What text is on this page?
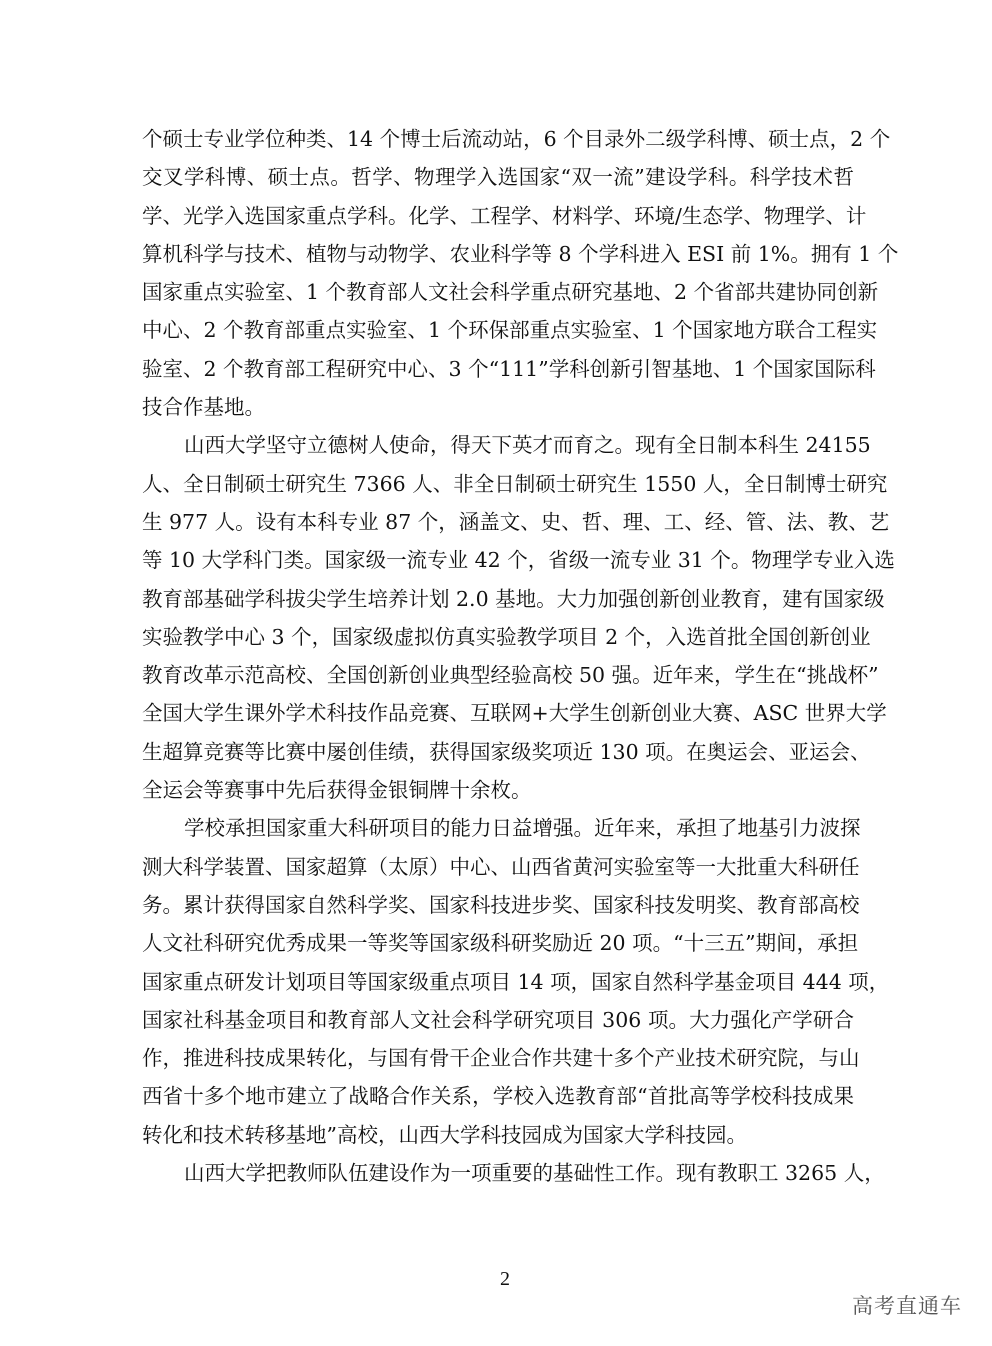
个硕士专业学位种类、14 个博士后流动站，6 个目录外二级学科博、硕士点，2 个
交叉学科博、硕士点。哲学、物理学入选国家“双一流”建设学科。科学技术哲
学、光学入选国家重点学科。化学、工程学、材料学、环境/生态学、物理学、计
算机科学与技术、植物与动物学、农业科学等 8 个学科进入 ESI 前 1%。拥有 1 个
国家重点实验室、1 个教育部人文社会科学重点研究基地、2 个省部共建协同创新
中心、2 个教育部重点实验室、1 个环保部重点实验室、1 个国家地方联合工程实
验室、2 个教育部工程研究中心、3 个“111”学科创新引智基地、1 个国家国际科
技合作基地。
山西大学坚守立德树人使命，得天下英才而育之。现有全日制本科生 24155
人、全日制硕士研究生 7366 人、非全日制硕士研究生 1550 人，全日制博士研究
生 977 人。设有本科专业 87 个，涵盖文、史、哲、理、工、经、管、法、教、艺
等 10 大学科门类。国家级一流专业 42 个，省级一流专业 31 个。物理学专业入选
教育部基础学科拔尖学生培养计划 2.0 基地。大力加强创新创业教育，建有国家级
实验教学中心 3 个，国家级虚拟仿真实验教学项目 2 个，入选首批全国创新创业
教育改革示范高校、全国创新创业典型经验高校 50 强。近年来，学生在“挑战杯”
全国大学生课外学术科技作品竞赛、互联网+大学生创新创业大赛、ASC 世界大学
生超算竞赛等比赛中屡创佳绩，获得国家级奖项近 130 项。在奥运会、亚运会、
全运会等赛事中先后获得金银铜牌十余枚。
学校承担国家重大科研项目的能力日益增强。近年来，承担了地基引力波探
测大科学装置、国家超算（太原）中心、山西省黄河实验室等一大批重大科研任
务。累计获得国家自然科学奖、国家科技进步奖、国家科技发明奖、教育部高校
人文社科研究优秀成果一等奖等国家级科研奖励近 20 项。“十三五”期间，承担
国家重点研发计划项目等国家级重点项目 14 项，国家自然科学基金项目 444 项，
国家社科基金项目和教育部人文社会科学研究项目 306 项。大力强化产学研合
作，推进科技成果转化，与国有骨干企业合作共建十多个产业技术研究院，与山
西省十多个地市建立了战略合作关系，学校入选教育部“首批高等学校科技成果
转化和技术转移基地”高校，山西大学科技园成为国家大学科技园。
山西大学把教师队伍建设作为一项重要的基础性工作。现有教职工 3265 人，
2
高考直通车
